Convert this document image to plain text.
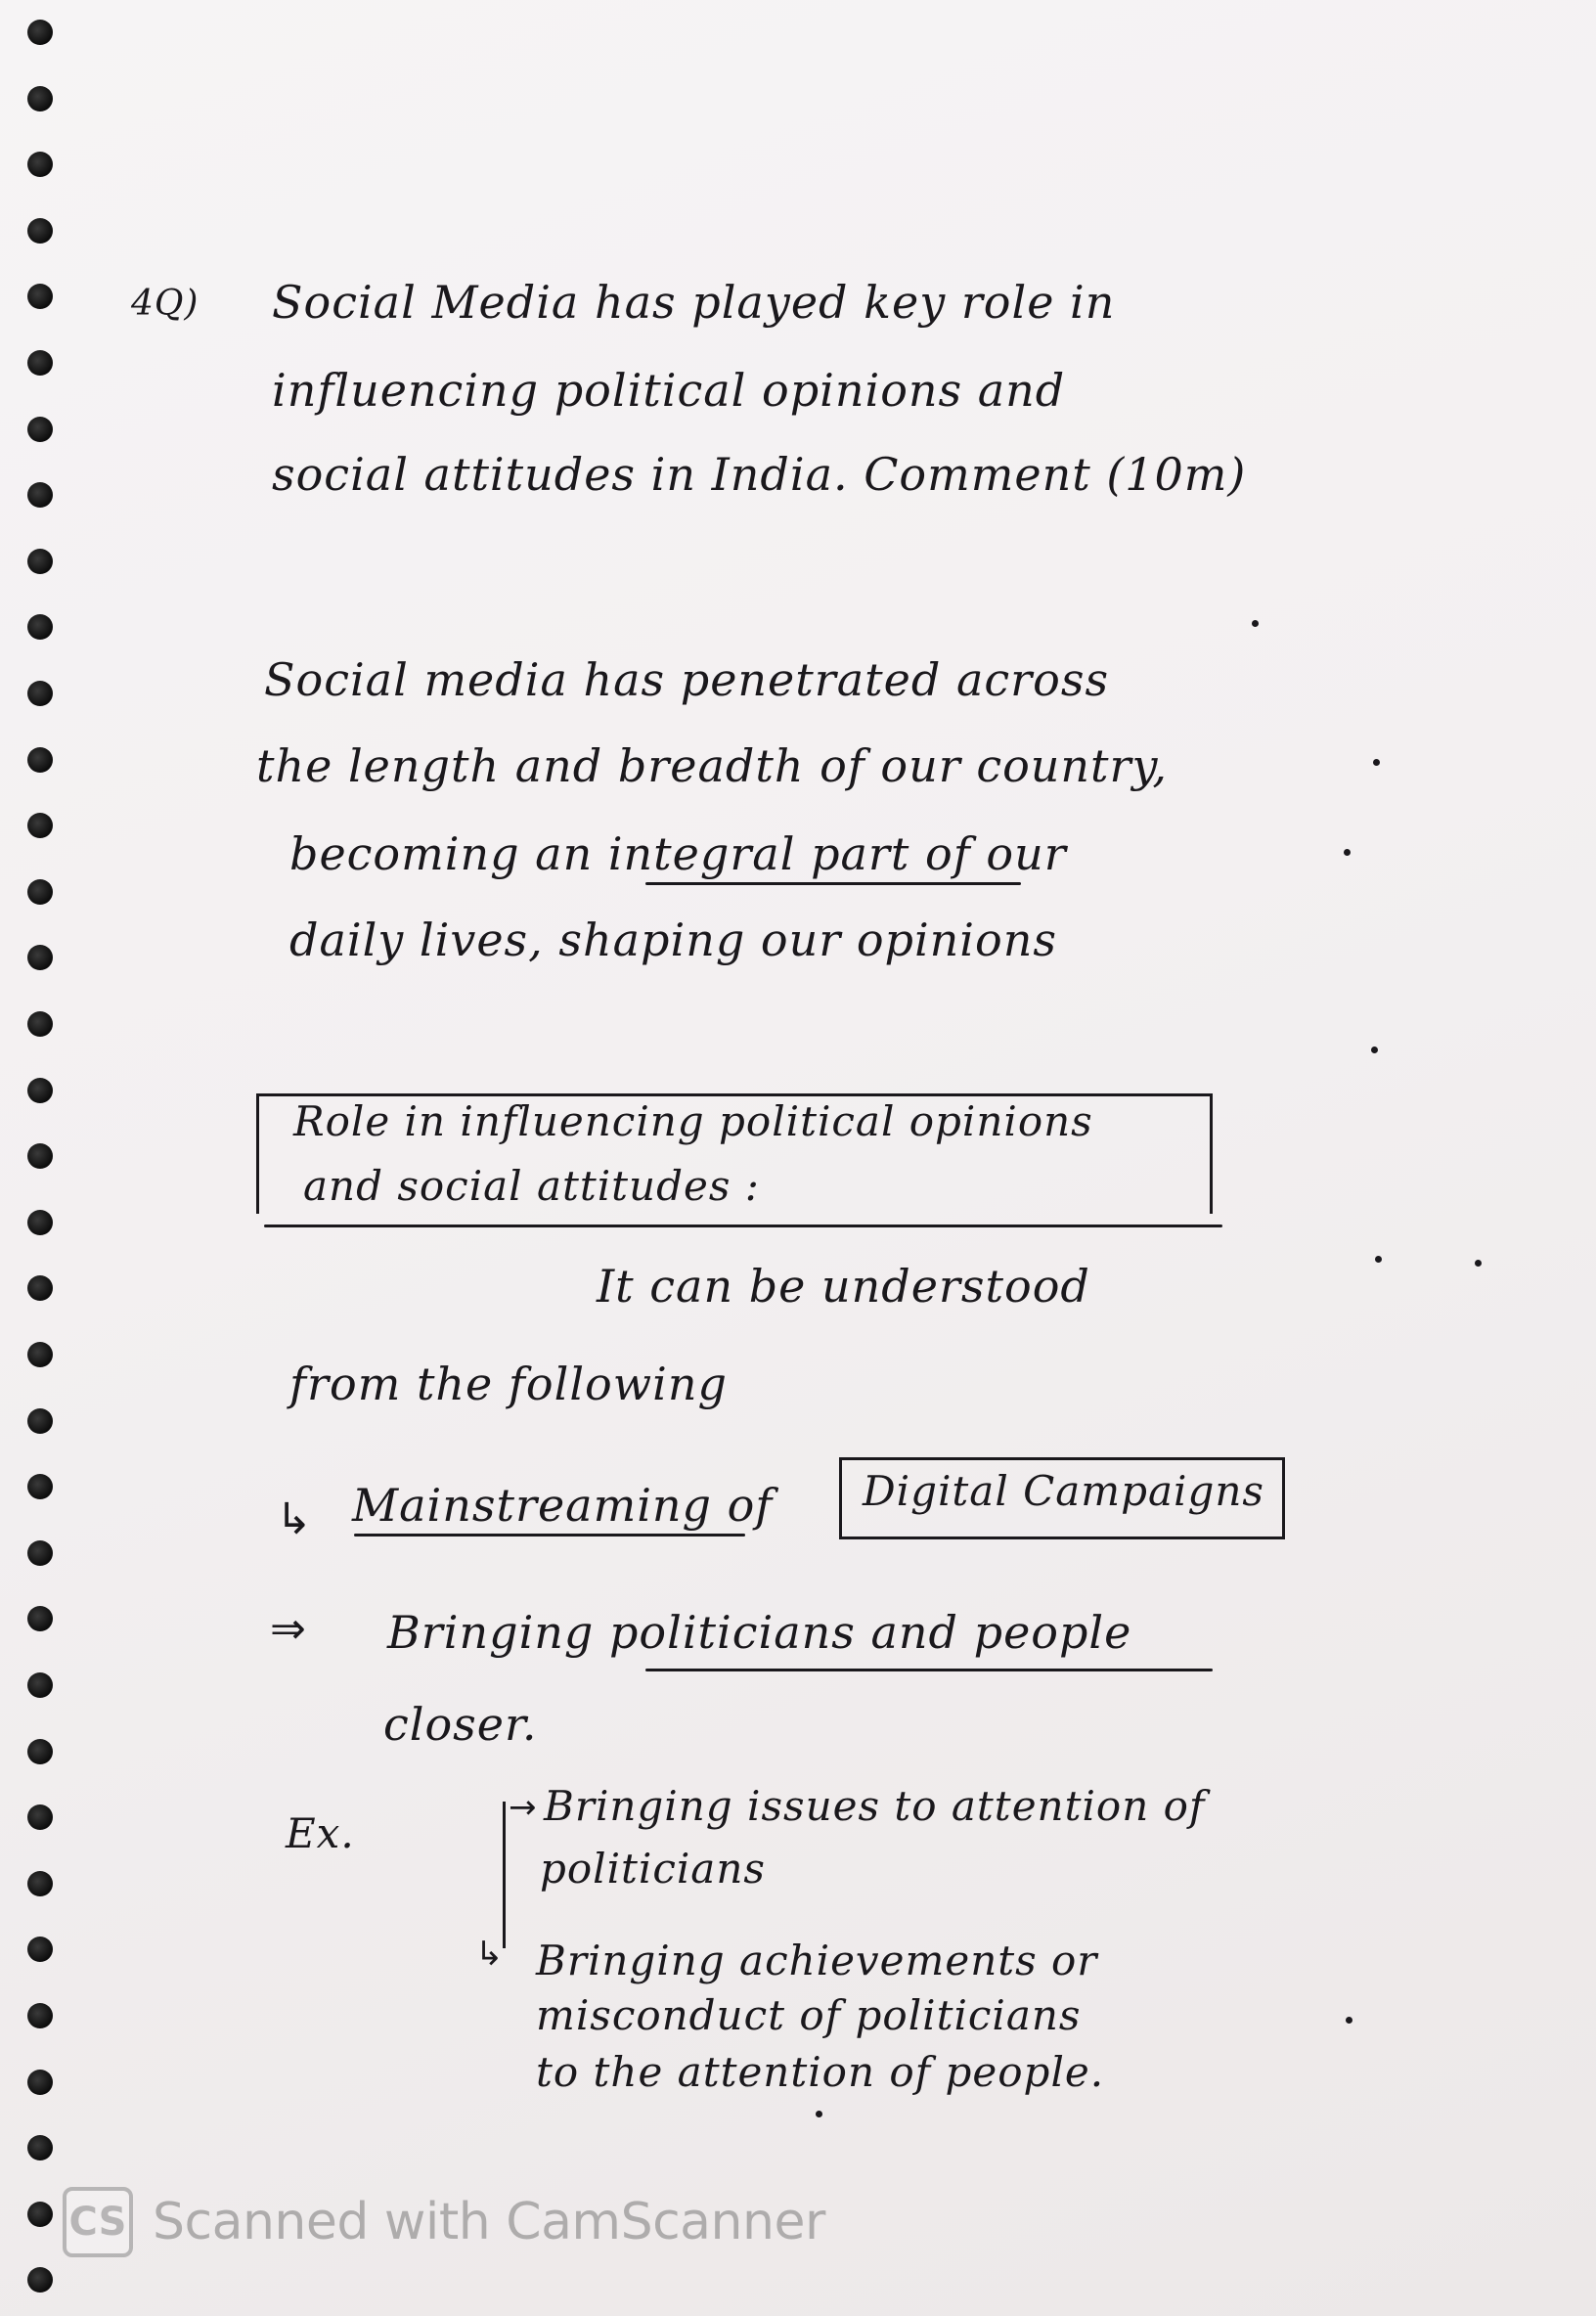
4Q) Social Media has played key role in
influencing political opinions and
social attitudes in India. Comment (10m)
Social media has penetrated across
the length and breadth of our country,
becoming an integral part of our
daily lives, shaping our opinions
Role in influencing political opinions
and social attitudes :
It can be understood
from the following
↳ Mainstreaming of Digital Campaigns
⇒ Bringing politicians and people
closer.
Ex.
→ Bringing issues to attention of
politicians
↳ Bringing achievements or
misconduct of politicians
to the attention of people.
CS Scanned with CamScanner
